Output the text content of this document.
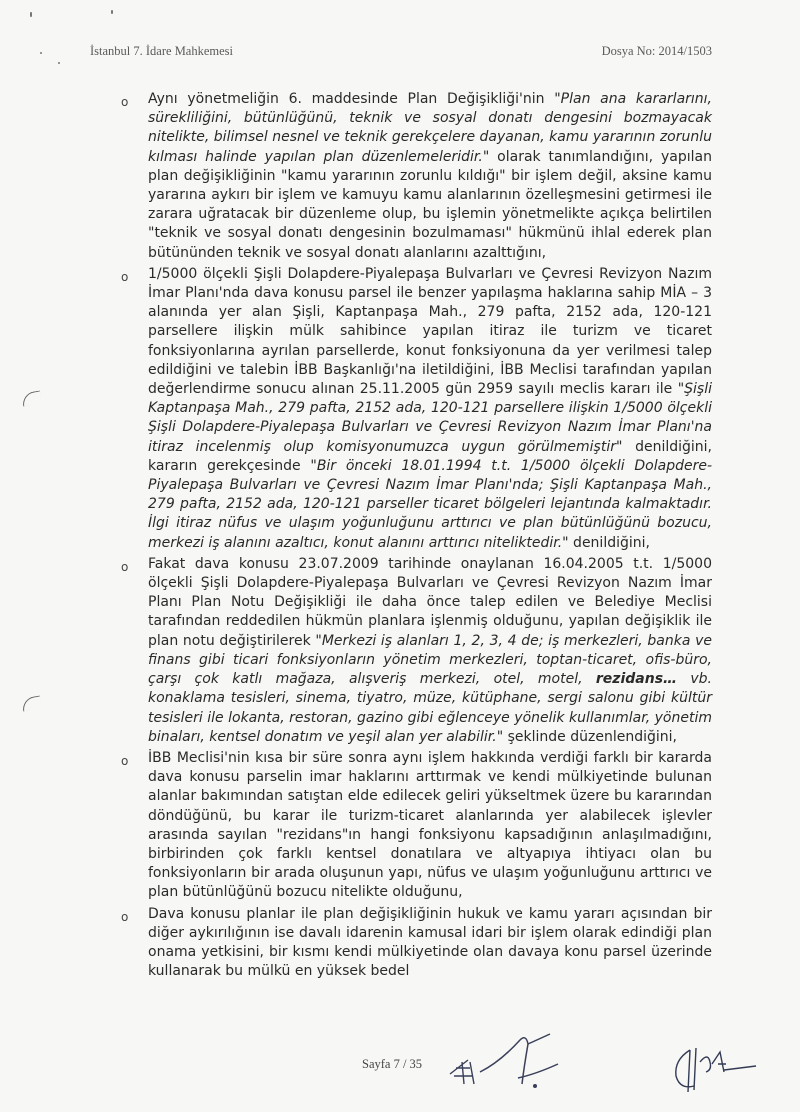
İstanbul 7. İdare Mahkemesi	Dosya No: 2014/1503
o Aynı yönetmeliğin 6. maddesinde Plan Değişikliği'nin "Plan ana kararlarını, sürekliliğini, bütünlüğünü, teknik ve sosyal donatı dengesini bozmayacak nitelikte, bilimsel nesnel ve teknik gerekçelere dayanan, kamu yararının zorunlu kılması halinde yapılan plan düzenlemeleridir." olarak tanımlandığını, yapılan plan değişikliğinin "kamu yararının zorunlu kıldığı" bir işlem değil, aksine kamu yararına aykırı bir işlem ve kamuyu kamu alanlarının özelleşmesini getirmesi ile zarara uğratacak bir düzenleme olup, bu işlemin yönetmelikte açıkça belirtilen "teknik ve sosyal donatı dengesinin bozulmaması" hükmünü ihlal ederek plan bütününden teknik ve sosyal donatı alanlarını azalttığını,
o 1/5000 ölçekli Şişli Dolapdere-Piyalepaşa Bulvarları ve Çevresi Revizyon Nazım İmar Planı'nda dava konusu parsel ile benzer yapılaşma haklarına sahip MİA – 3 alanında yer alan Şişli, Kaptanpaşa Mah., 279 pafta, 2152 ada, 120-121 parsellere ilişkin mülk sahibince yapılan itiraz ile turizm ve ticaret fonksiyonlarına ayrılan parsellerde, konut fonksiyonuna da yer verilmesi talep edildiğini ve talebin İBB Başkanlığı'na iletildiğini, İBB Meclisi tarafından yapılan değerlendirme sonucu alınan 25.11.2005 gün 2959 sayılı meclis kararı ile "Şişli Kaptanpaşa Mah., 279 pafta, 2152 ada, 120-121 parsellere ilişkin 1/5000 ölçekli Şişli Dolapdere-Piyalepaşa Bulvarları ve Çevresi Revizyon Nazım İmar Planı'na itiraz incelenmiş olup komisyonumuzca uygun görülmemiştir" denildiğini, kararın gerekçesinde "Bir önceki 18.01.1994 t.t. 1/5000 ölçekli Dolapdere-Piyalepaşa Bulvarları ve Çevresi Nazım İmar Planı'nda; Şişli Kaptanpaşa Mah., 279 pafta, 2152 ada, 120-121 parseller ticaret bölgeleri lejantında kalmaktadır. İlgi itiraz nüfus ve ulaşım yoğunluğunu arttırıcı ve plan bütünlüğünü bozucu, merkezi iş alanını azaltıcı, konut alanını arttırıcı niteliktedir." denildiğini,
o Fakat dava konusu 23.07.2009 tarihinde onaylanan 16.04.2005 t.t. 1/5000 ölçekli Şişli Dolapdere-Piyalepaşa Bulvarları ve Çevresi Revizyon Nazım İmar Planı Plan Notu Değişikliği ile daha önce talep edilen ve Belediye Meclisi tarafından reddedilen hükmün planlara işlenmiş olduğunu, yapılan değişiklik ile plan notu değiştirilerek "Merkezi iş alanları 1, 2, 3, 4 de; iş merkezleri, banka ve finans gibi ticari fonksiyonların yönetim merkezleri, toptan-ticaret, ofis-büro, çarşı çok katlı mağaza, alışveriş merkezi, otel, motel, rezidans… vb. konaklama tesisleri, sinema, tiyatro, müze, kütüphane, sergi salonu gibi kültür tesisleri ile lokanta, restoran, gazino gibi eğlenceye yönelik kullanımlar, yönetim binaları, kentsel donatım ve yeşil alan yer alabilir." şeklinde düzenlendiğini,
o İBB Meclisi'nin kısa bir süre sonra aynı işlem hakkında verdiği farklı bir kararda dava konusu parselin imar haklarını arttırmak ve kendi mülkiyetinde bulunan alanlar bakımından satıştan elde edilecek geliri yükseltmek üzere bu kararından döndüğünü, bu karar ile turizm-ticaret alanlarında yer alabilecek işlevler arasında sayılan "rezidans"ın hangi fonksiyonu kapsadığının anlaşılmadığını, birbirinden çok farklı kentsel donatılara ve altyapıya ihtiyacı olan bu fonksiyonların bir arada oluşunun yapı, nüfus ve ulaşım yoğunluğunu arttırıcı ve plan bütünlüğünü bozucu nitelikte olduğunu,
o Dava konusu planlar ile plan değişikliğinin hukuk ve kamu yararı açısından bir diğer aykırılığının ise davalı idarenin kamusal idari bir işlem olarak edindiği plan onama yetkisini, bir kısmı kendi mülkiyetinde olan davaya konu parsel üzerinde kullanarak bu mülkü en yüksek bedel
Sayfa 7 / 35
